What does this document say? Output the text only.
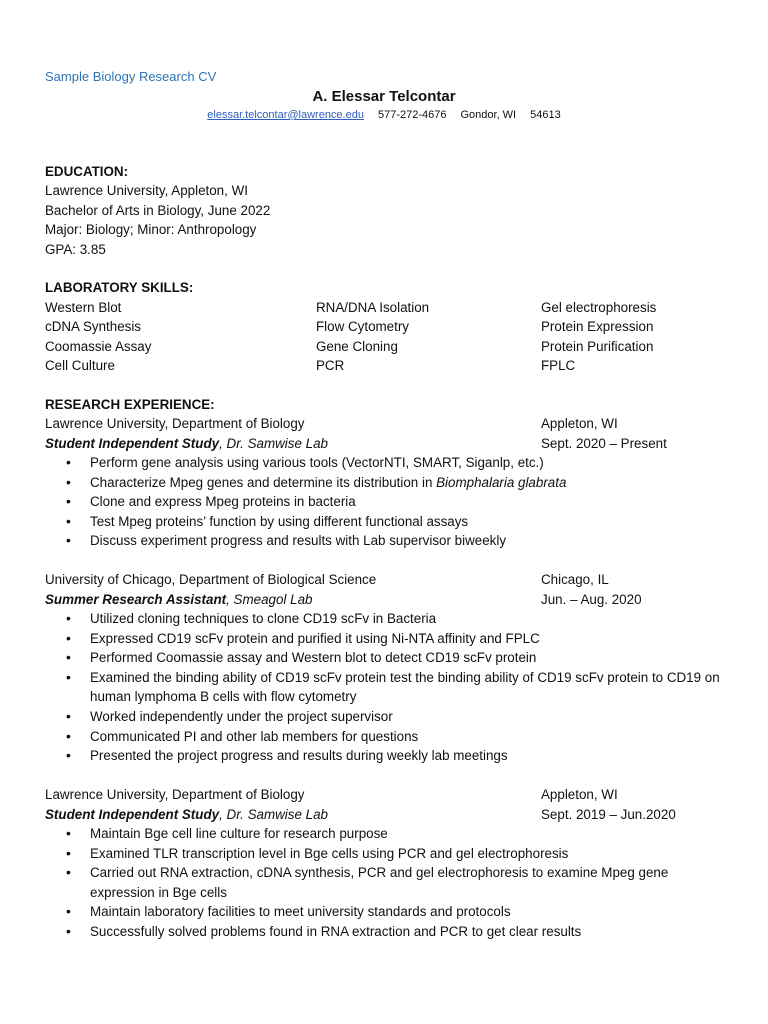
Sample Biology Research CV
A. Elessar Telcontar
elessar.telcontar@lawrence.edu 577-272-4676 Gondor, WI 54613
EDUCATION:
Lawrence University, Appleton, WI
Bachelor of Arts in Biology, June 2022
Major: Biology; Minor: Anthropology
GPA: 3.85
LABORATORY SKILLS:
Western Blot	RNA/DNA Isolation	Gel electrophoresis
cDNA Synthesis	Flow Cytometry	Protein Expression
Coomassie Assay	Gene Cloning	Protein Purification
Cell Culture	PCR	FPLC
RESEARCH EXPERIENCE:
Lawrence University, Department of Biology	Appleton, WI
Student Independent Study, Dr. Samwise Lab	Sept. 2020 – Present
• Perform gene analysis using various tools (VectorNTI, SMART, Siganlp, etc.)
• Characterize Mpeg genes and determine its distribution in Biomphalaria glabrata
• Clone and express Mpeg proteins in bacteria
• Test Mpeg proteins’ function by using different functional assays
• Discuss experiment progress and results with Lab supervisor biweekly
University of Chicago, Department of Biological Science	Chicago, IL
Summer Research Assistant, Smeagol Lab	Jun. – Aug. 2020
• Utilized cloning techniques to clone CD19 scFv in Bacteria
• Expressed CD19 scFv protein and purified it using Ni-NTA affinity and FPLC
• Performed Coomassie assay and Western blot to detect CD19 scFv protein
• Examined the binding ability of CD19 scFv protein test the binding ability of CD19 scFv protein to CD19 on human lymphoma B cells with flow cytometry
• Worked independently under the project supervisor
• Communicated PI and other lab members for questions
• Presented the project progress and results during weekly lab meetings
Lawrence University, Department of Biology	Appleton, WI
Student Independent Study, Dr. Samwise Lab	Sept. 2019 – Jun.2020
• Maintain Bge cell line culture for research purpose
• Examined TLR transcription level in Bge cells using PCR and gel electrophoresis
• Carried out RNA extraction, cDNA synthesis, PCR and gel electrophoresis to examine Mpeg gene expression in Bge cells
• Maintain laboratory facilities to meet university standards and protocols
• Successfully solved problems found in RNA extraction and PCR to get clear results
